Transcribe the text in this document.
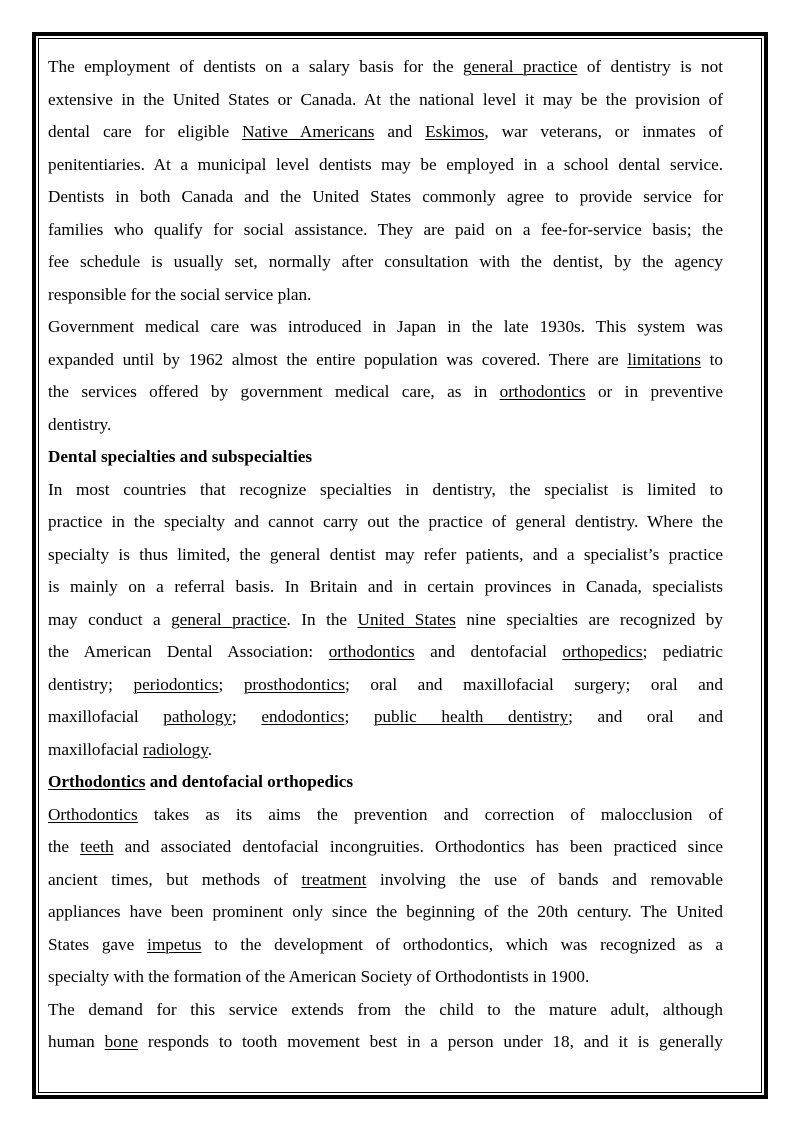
The employment of dentists on a salary basis for the general practice of dentistry is not
extensive in the United States or Canada. At the national level it may be the provision of
dental care for eligible Native Americans and Eskimos, war veterans, or inmates of
penitentiaries. At a municipal level dentists may be employed in a school dental service.
Dentists in both Canada and the United States commonly agree to provide service for
families who qualify for social assistance. They are paid on a fee-for-service basis; the
fee schedule is usually set, normally after consultation with the dentist, by the agency
responsible for the social service plan.
Government medical care was introduced in Japan in the late 1930s. This system was
expanded until by 1962 almost the entire population was covered. There are limitations to
the services offered by government medical care, as in orthodontics or in preventive
dentistry.
Dental specialties and subspecialties
In most countries that recognize specialties in dentistry, the specialist is limited to
practice in the specialty and cannot carry out the practice of general dentistry. Where the
specialty is thus limited, the general dentist may refer patients, and a specialist’s practice
is mainly on a referral basis. In Britain and in certain provinces in Canada, specialists
may conduct a general practice. In the United States nine specialties are recognized by
the American Dental Association: orthodontics and dentofacial orthopedics; pediatric
dentistry; periodontics; prosthodontics; oral and maxillofacial surgery; oral and
maxillofacial pathology; endodontics; public health dentistry; and oral and
maxillofacial radiology.
Orthodontics and dentofacial orthopedics
Orthodontics takes as its aims the prevention and correction of malocclusion of
the teeth and associated dentofacial incongruities. Orthodontics has been practiced since
ancient times, but methods of treatment involving the use of bands and removable
appliances have been prominent only since the beginning of the 20th century. The United
States gave impetus to the development of orthodontics, which was recognized as a
specialty with the formation of the American Society of Orthodontists in 1900.
The demand for this service extends from the child to the mature adult, although
human bone responds to tooth movement best in a person under 18, and it is generally
